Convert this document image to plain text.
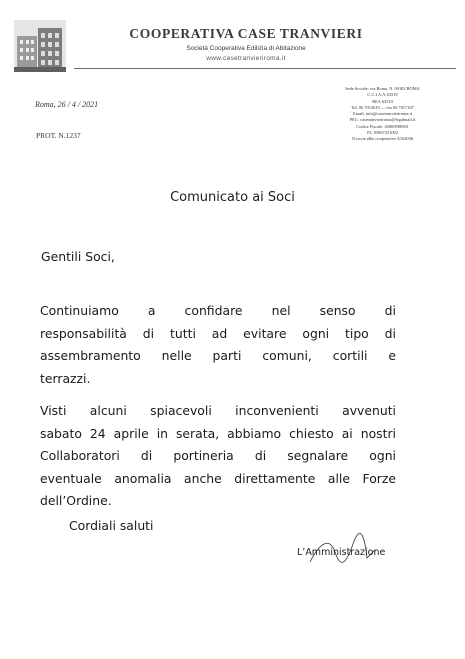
COOPERATIVA CASE TRANVIERI
Società Cooperativa Edilizia di Abitazione
www.casetranvieriroma.it
Sede Sociale: via Roma, N. 00182 ROMA
C.C.I.A.A.63519
REA 63519
Tel. 06 7015619 — fax 06 7017167
Email: info@casetranvieriroma.it
PEC: casetranvieriroma@legalmail.it
Codice Fiscale: 02800980581
P.I. 05067251002
N.iscriz.albo cooperative A104036
Roma, 26 / 4 / 2021
PROT. N.1237
Comunicato ai Soci
Gentili Soci,
Continuiamo a confidare nel senso di
responsabilità di tutti ad evitare ogni tipo di
assembramento nelle parti comuni, cortili e
terrazzi.
Visti alcuni spiacevoli inconvenienti avvenuti
sabato 24 aprile in serata, abbiamo chiesto ai nostri
Collaboratori di portineria di segnalare ogni
eventuale anomalia anche direttamente alle Forze
dell’Ordine.
Cordiali saluti
L’Amministrazione
